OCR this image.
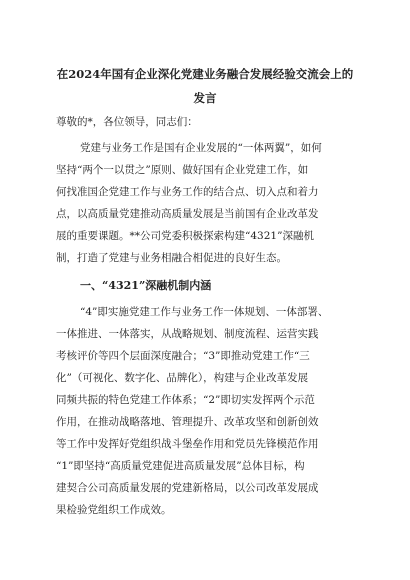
在2024年国有企业深化党建业务融合发展经验交流会上的
发言
尊敬的*，各位领导，同志们：
党建与业务工作是国有企业发展的“一体两翼”，如何
坚持“两个一以贯之”原则、做好国有企业党建工作，如
何找准国企党建工作与业务工作的结合点、切入点和着力
点，以高质量党建推动高质量发展是当前国有企业改革发
展的重要课题。**公司党委积极探索构建“4321”深融机
制，打造了党建与业务相融合相促进的良好生态。
一、“4321”深融机制内涵
“4”即实施党建工作与业务工作一体规划、一体部署、
一体推进、一体落实，从战略规划、制度流程、运营实践
考核评价等四个层面深度融合；“3”即推动党建工作“三
化”（可视化、数字化、品牌化），构建与企业改革发展
同频共振的特色党建工作体系；“2”即切实发挥两个示范
作用，在推动战略落地、管理提升、改革攻坚和创新创效
等工作中发挥好党组织战斗堡垒作用和党员先锋模范作用
“1”即坚持“高质量党建促进高质量发展”总体目标，构
建契合公司高质量发展的党建新格局，以公司改革发展成
果检验党组织工作成效。
